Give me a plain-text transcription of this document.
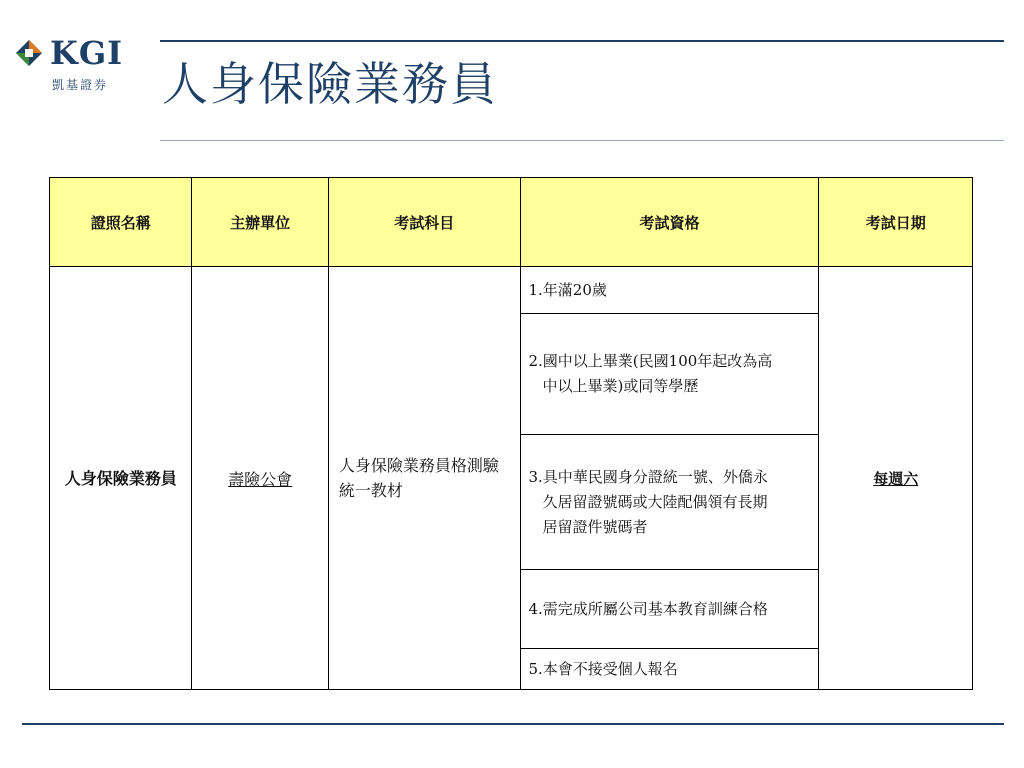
KGI
凱基證券 人身保險業務員
證照名稱	主辦單位	考試科目	考試資格	考試日期
人身保險業務員	壽險公會	人身保險業務員格測驗統一教材	1.年滿20歲	每週六

			2.國中以上畢業(民國100年起改為高中以上畢業)或同等學歷	

			3.具中華民國身分證統一號、外僑永久居留證號碼或大陸配偶領有長期居留證件號碼者	

			4.需完成所屬公司基本教育訓練合格	

			5.本會不接受個人報名	
